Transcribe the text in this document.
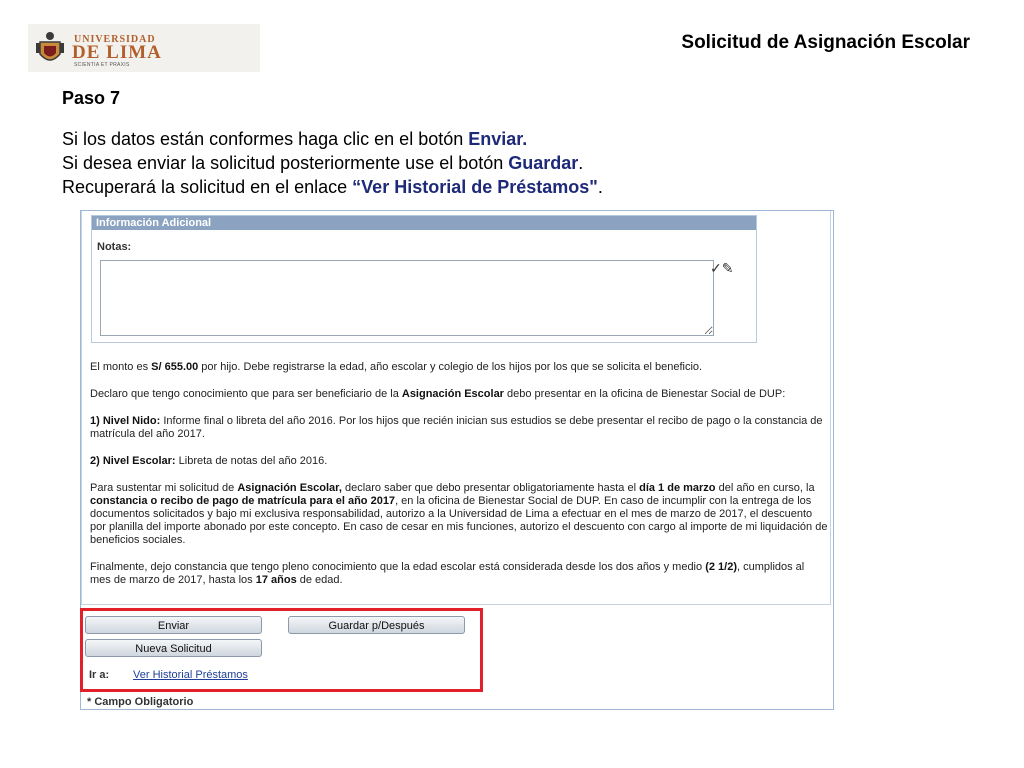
UNIVERSIDAD
DE LIMA
SCIENTIA ET PRAXIS
Solicitud de Asignación Escolar
Paso 7
Si los datos están conformes haga clic en el botón Enviar.
Si desea enviar la solicitud posteriormente use el botón Guardar.
Recuperará la solicitud en el enlace “Ver Historial de Préstamos".
Información Adicional
Notas:
✓✎

El monto es S/ 655.00 por hijo. Debe registrarse la edad, año escolar y colegio de los hijos por los que se solicita el beneficio.

Declaro que tengo conocimiento que para ser beneficiario de la Asignación Escolar debo presentar en la oficina de Bienestar Social de DUP:

1) Nivel Nido: Informe final o libreta del año 2016. Por los hijos que recién inician sus estudios se debe presentar el recibo de pago o la constancia de matrícula del año 2017.

2) Nivel Escolar: Libreta de notas del año 2016.

Para sustentar mi solicitud de Asignación Escolar, declaro saber que debo presentar obligatoriamente hasta el día 1 de marzo del año en curso, la constancia o recibo de pago de matrícula para el año 2017, en la oficina de Bienestar Social de DUP. En caso de incumplir con la entrega de los documentos solicitados y bajo mi exclusiva responsabilidad, autorizo a la Universidad de Lima a efectuar en el mes de marzo de 2017, el descuento por planilla del importe abonado por este concepto. En caso de cesar en mis funciones, autorizo el descuento con cargo al importe de mi liquidación de beneficios sociales.

Finalmente, dejo constancia que tengo pleno conocimiento que la edad escolar está considerada desde los dos años y medio (2 1/2), cumplidos al mes de marzo de 2017, hasta los 17 años de edad.

Enviar	Guardar p/Después
Nueva Solicitud
Ir a: Ver Historial Préstamos
* Campo Obligatorio
